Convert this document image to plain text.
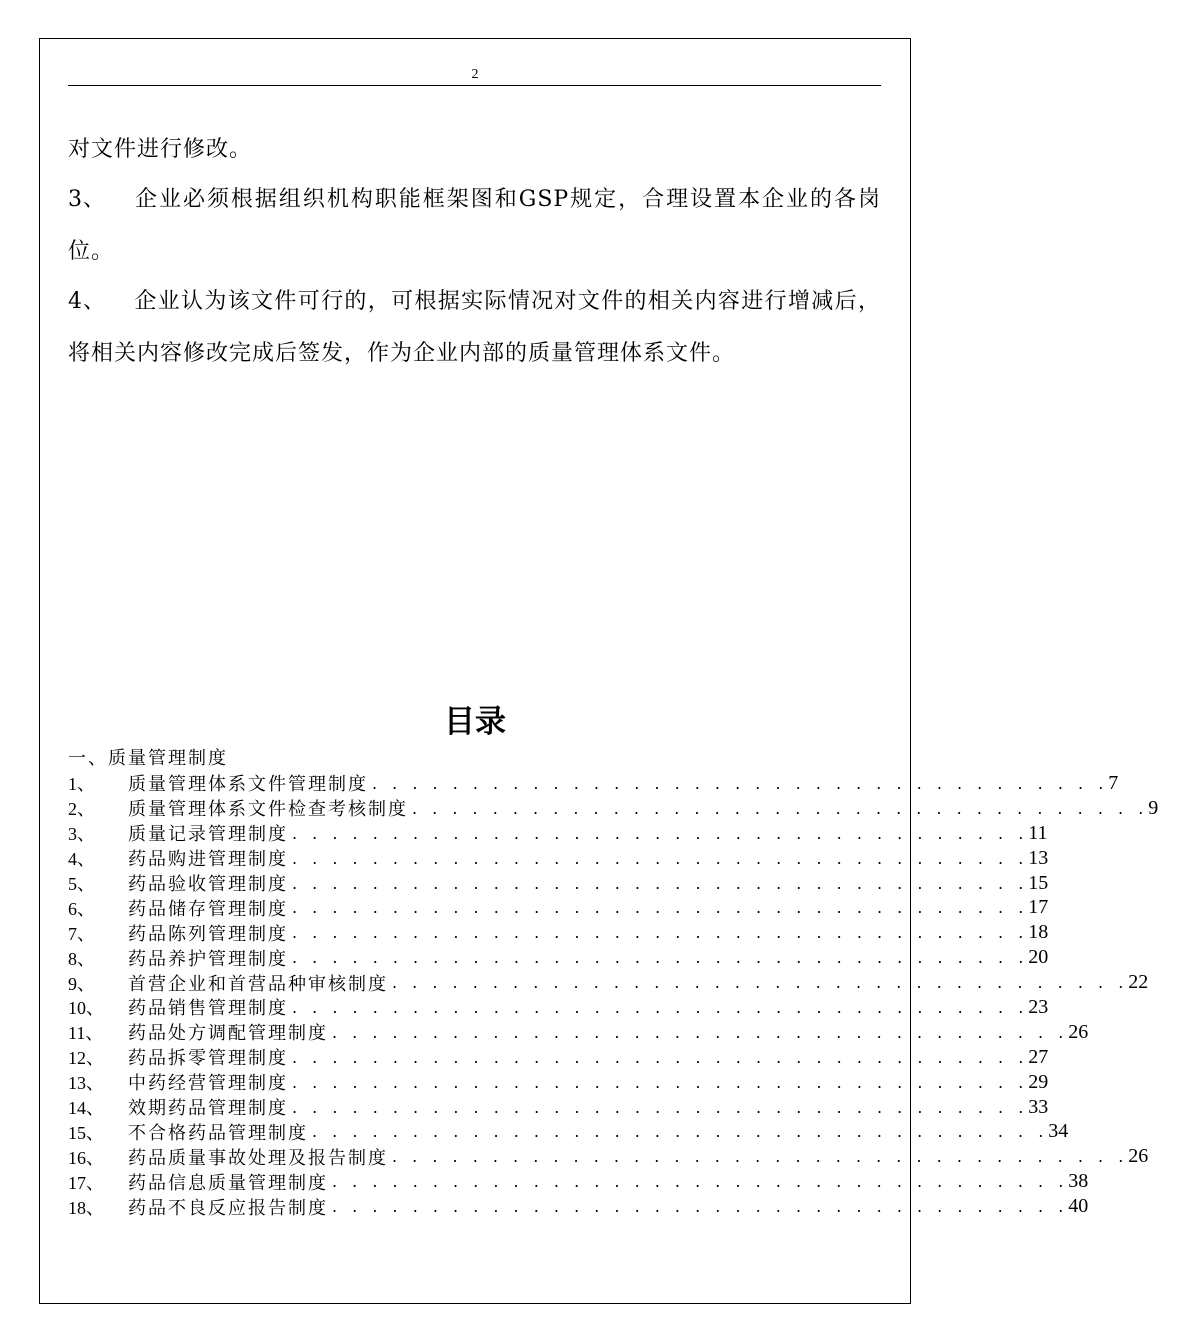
2
对文件进行修改。
3、 企业必须根据组织机构职能框架图和GSP规定，合理设置本企业的各岗位。
4、 企业认为该文件可行的，可根据实际情况对文件的相关内容进行增减后，将相关内容修改完成后签发，作为企业内部的质量管理体系文件。
目录
一、质量管理制度
1、	质量管理体系文件管理制度 . . . . . . . . . . . . . . . . . . . . . . . . . . . . . . . . . . . . . 7
2、	质量管理体系文件检查考核制度 . . . . . . . . . . . . . . . . . . . . . . . . . . . . . . . . . . . . . 9
3、	质量记录管理制度 . . . . . . . . . . . . . . . . . . . . . . . . . . . . . . . . . . . . . 11
4、	药品购进管理制度 . . . . . . . . . . . . . . . . . . . . . . . . . . . . . . . . . . . . . 13
5、	药品验收管理制度 . . . . . . . . . . . . . . . . . . . . . . . . . . . . . . . . . . . . . 15
6、	药品储存管理制度 . . . . . . . . . . . . . . . . . . . . . . . . . . . . . . . . . . . . . 17
7、	药品陈列管理制度 . . . . . . . . . . . . . . . . . . . . . . . . . . . . . . . . . . . . . 18
8、	药品养护管理制度 . . . . . . . . . . . . . . . . . . . . . . . . . . . . . . . . . . . . . 20
9、	首营企业和首营品种审核制度 . . . . . . . . . . . . . . . . . . . . . . . . . . . . . . . . . . . . . 22
10、	药品销售管理制度 . . . . . . . . . . . . . . . . . . . . . . . . . . . . . . . . . . . . . 23
11、	药品处方调配管理制度 . . . . . . . . . . . . . . . . . . . . . . . . . . . . . . . . . . . . . 26
12、	药品拆零管理制度 . . . . . . . . . . . . . . . . . . . . . . . . . . . . . . . . . . . . . 27
13、	中药经营管理制度 . . . . . . . . . . . . . . . . . . . . . . . . . . . . . . . . . . . . . 29
14、	效期药品管理制度 . . . . . . . . . . . . . . . . . . . . . . . . . . . . . . . . . . . . . 33
15、	不合格药品管理制度 . . . . . . . . . . . . . . . . . . . . . . . . . . . . . . . . . . . . . 34
16、	药品质量事故处理及报告制度 . . . . . . . . . . . . . . . . . . . . . . . . . . . . . . . . . . . . . 26
17、	药品信息质量管理制度 . . . . . . . . . . . . . . . . . . . . . . . . . . . . . . . . . . . . . 38
18、	药品不良反应报告制度 . . . . . . . . . . . . . . . . . . . . . . . . . . . . . . . . . . . . . 40
